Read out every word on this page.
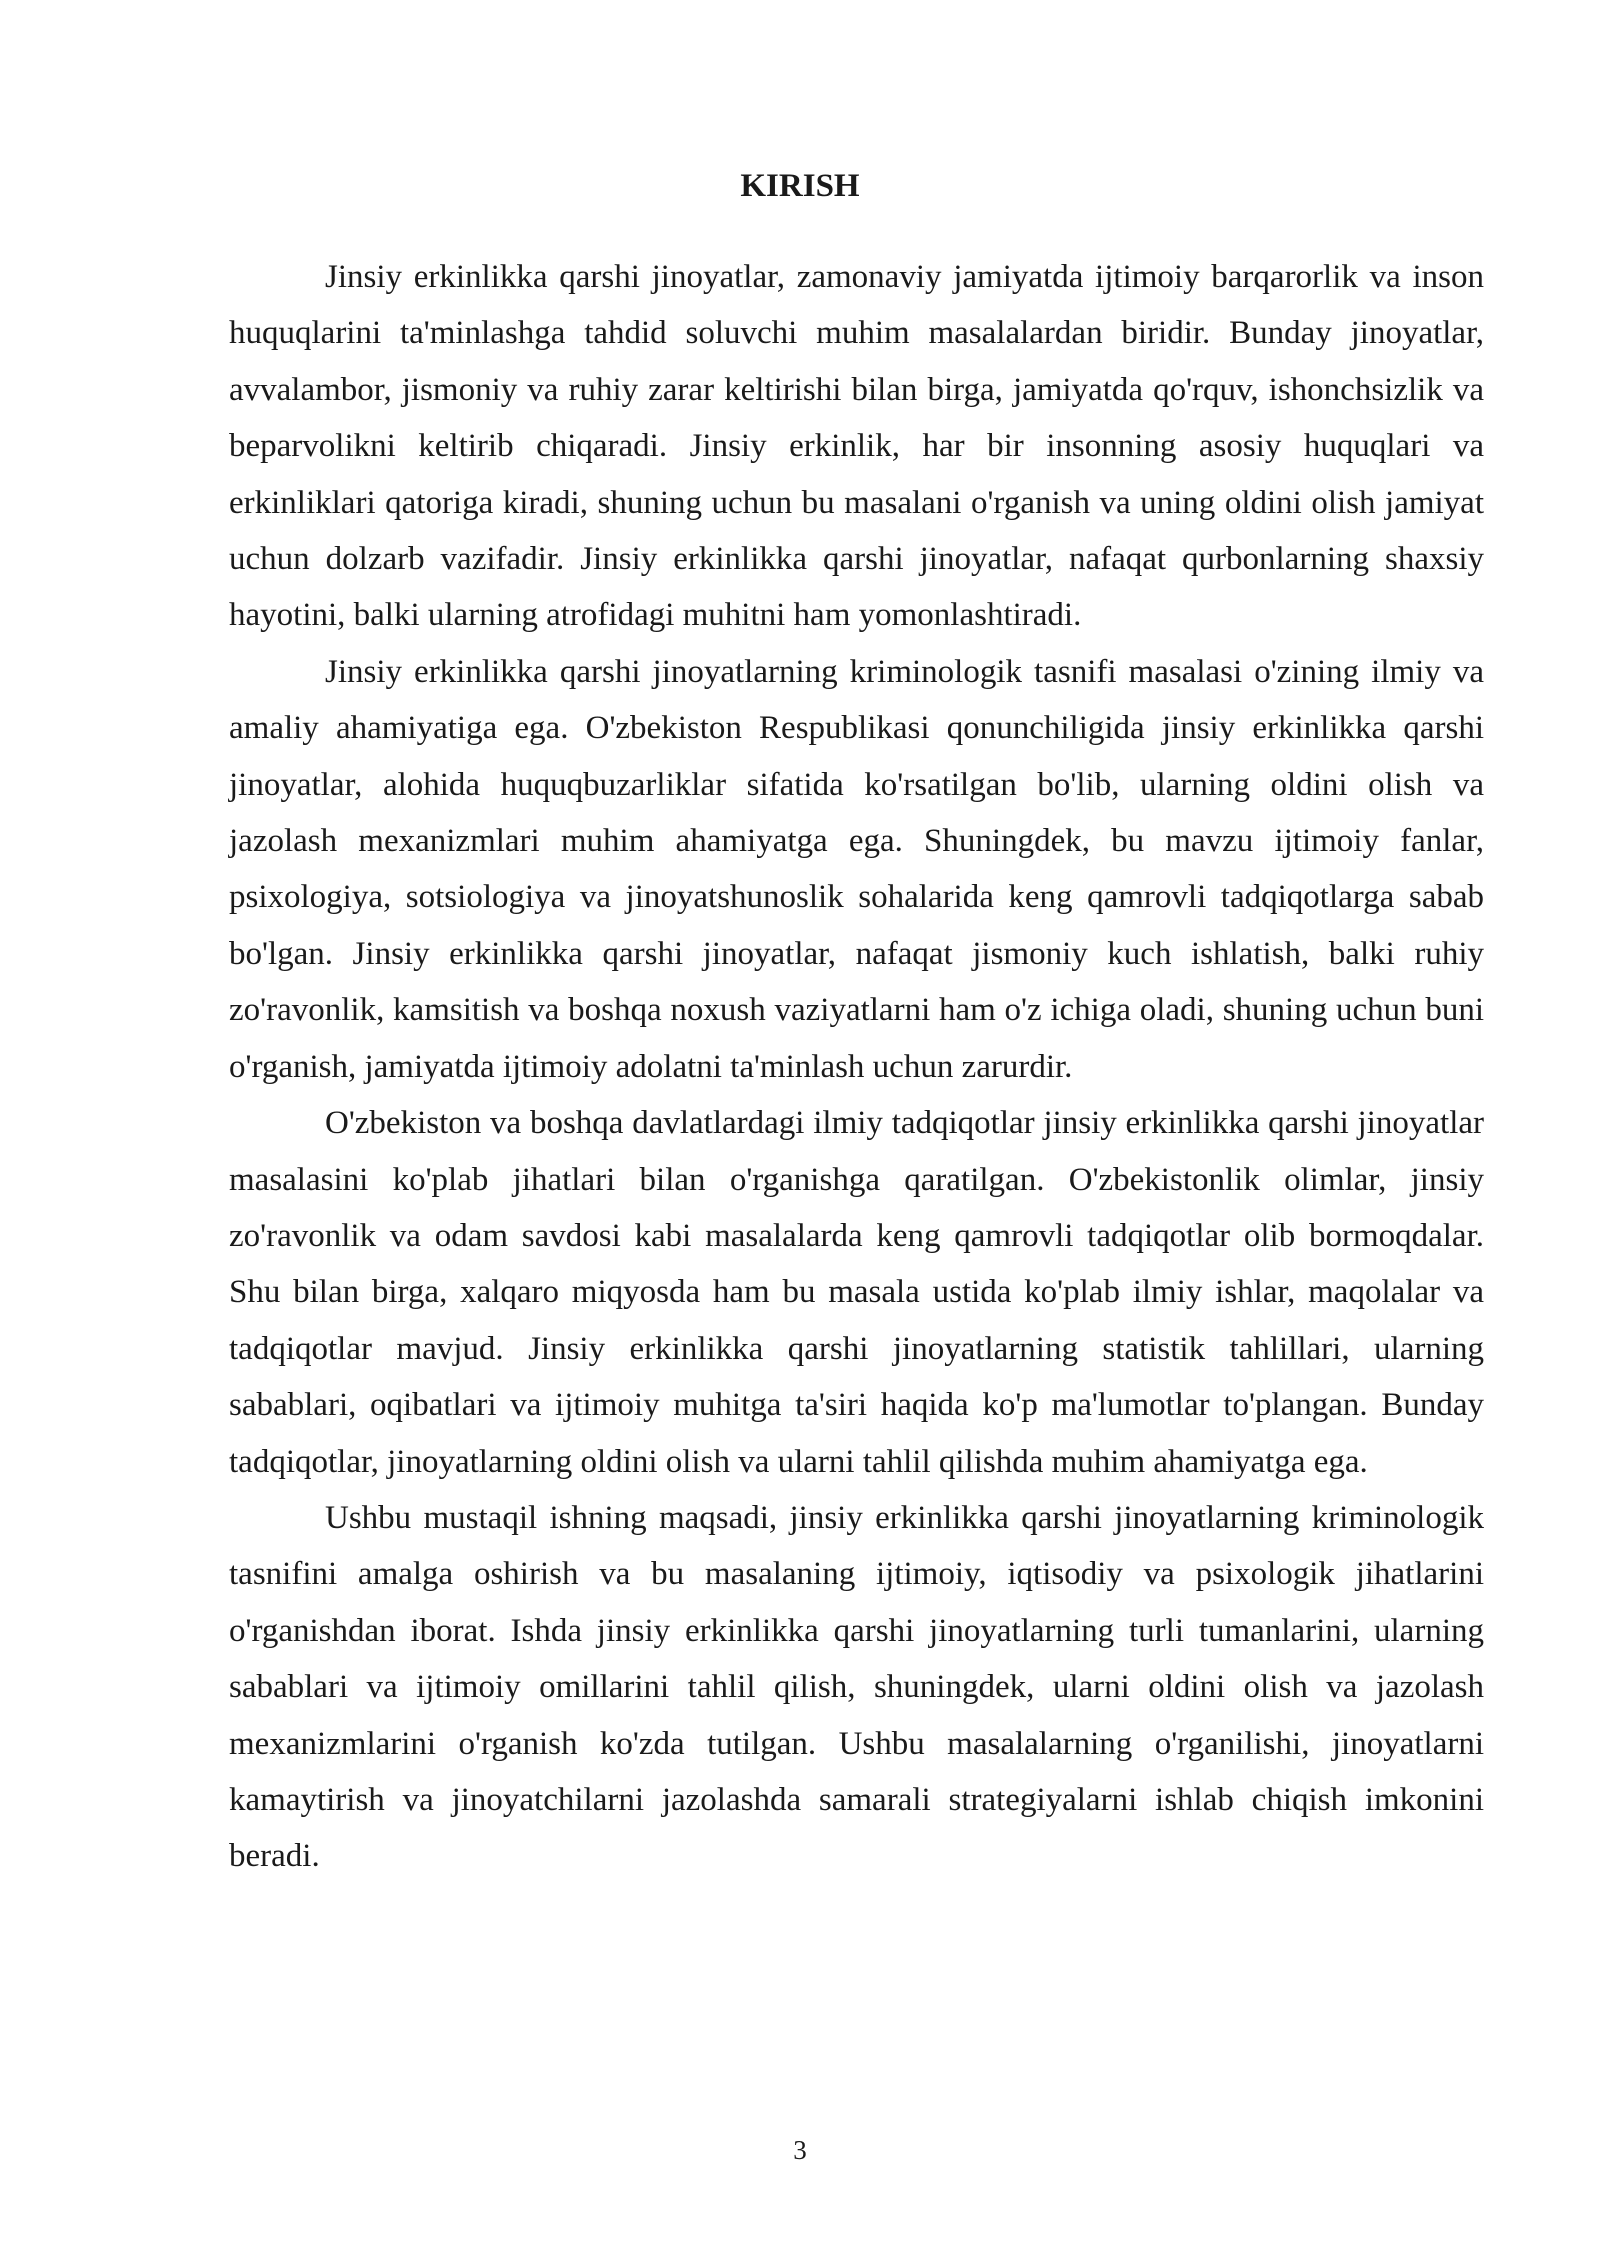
KIRISH

Jinsiy erkinlikka qarshi jinoyatlar, zamonaviy jamiyatda ijtimoiy barqarorlik va inson huquqlarini ta'minlashga tahdid soluvchi muhim masalalardan biridir. Bunday jinoyatlar, avvalambor, jismoniy va ruhiy zarar keltirishi bilan birga, jamiyatda qo'rquv, ishonchsizlik va beparvolikni keltirib chiqaradi. Jinsiy erkinlik, har bir insonning asosiy huquqlari va erkinliklari qatoriga kiradi, shuning uchun bu masalani o'rganish va uning oldini olish jamiyat uchun dolzarb vazifadir. Jinsiy erkinlikka qarshi jinoyatlar, nafaqat qurbonlarning shaxsiy hayotini, balki ularning atrofidagi muhitni ham yomonlashtiradi.

Jinsiy erkinlikka qarshi jinoyatlarning kriminologik tasnifi masalasi o'zining ilmiy va amaliy ahamiyatiga ega. O'zbekiston Respublikasi qonunchiligida jinsiy erkinlikka qarshi jinoyatlar, alohida huquqbuzarliklar sifatida ko'rsatilgan bo'lib, ularning oldini olish va jazolash mexanizmlari muhim ahamiyatga ega. Shuningdek, bu mavzu ijtimoiy fanlar, psixologiya, sotsiologiya va jinoyatshunoslik sohalarida keng qamrovli tadqiqotlarga sabab bo'lgan. Jinsiy erkinlikka qarshi jinoyatlar, nafaqat jismoniy kuch ishlatish, balki ruhiy zo'ravonlik, kamsitish va boshqa noxush vaziyatlarni ham o'z ichiga oladi, shuning uchun buni o'rganish, jamiyatda ijtimoiy adolatni ta'minlash uchun zarurdir.

O'zbekiston va boshqa davlatlardagi ilmiy tadqiqotlar jinsiy erkinlikka qarshi jinoyatlar masalasini ko'plab jihatlari bilan o'rganishga qaratilgan. O'zbekistonlik olimlar, jinsiy zo'ravonlik va odam savdosi kabi masalalarda keng qamrovli tadqiqotlar olib bormoqdalar. Shu bilan birga, xalqaro miqyosda ham bu masala ustida ko'plab ilmiy ishlar, maqolalar va tadqiqotlar mavjud. Jinsiy erkinlikka qarshi jinoyatlarning statistik tahlillari, ularning sabablari, oqibatlari va ijtimoiy muhitga ta'siri haqida ko'p ma'lumotlar to'plangan. Bunday tadqiqotlar, jinoyatlarning oldini olish va ularni tahlil qilishda muhim ahamiyatga ega.

Ushbu mustaqil ishning maqsadi, jinsiy erkinlikka qarshi jinoyatlarning kriminologik tasnifini amalga oshirish va bu masalaning ijtimoiy, iqtisodiy va psixologik jihatlarini o'rganishdan iborat. Ishda jinsiy erkinlikka qarshi jinoyatlarning turli tumanlarini, ularning sabablari va ijtimoiy omillarini tahlil qilish, shuningdek, ularni oldini olish va jazolash mexanizmlarini o'rganish ko'zda tutilgan. Ushbu masalalarning o'rganilishi, jinoyatlarni kamaytirish va jinoyatchilarni jazolashda samarali strategiyalarni ishlab chiqish imkonini beradi.

3
